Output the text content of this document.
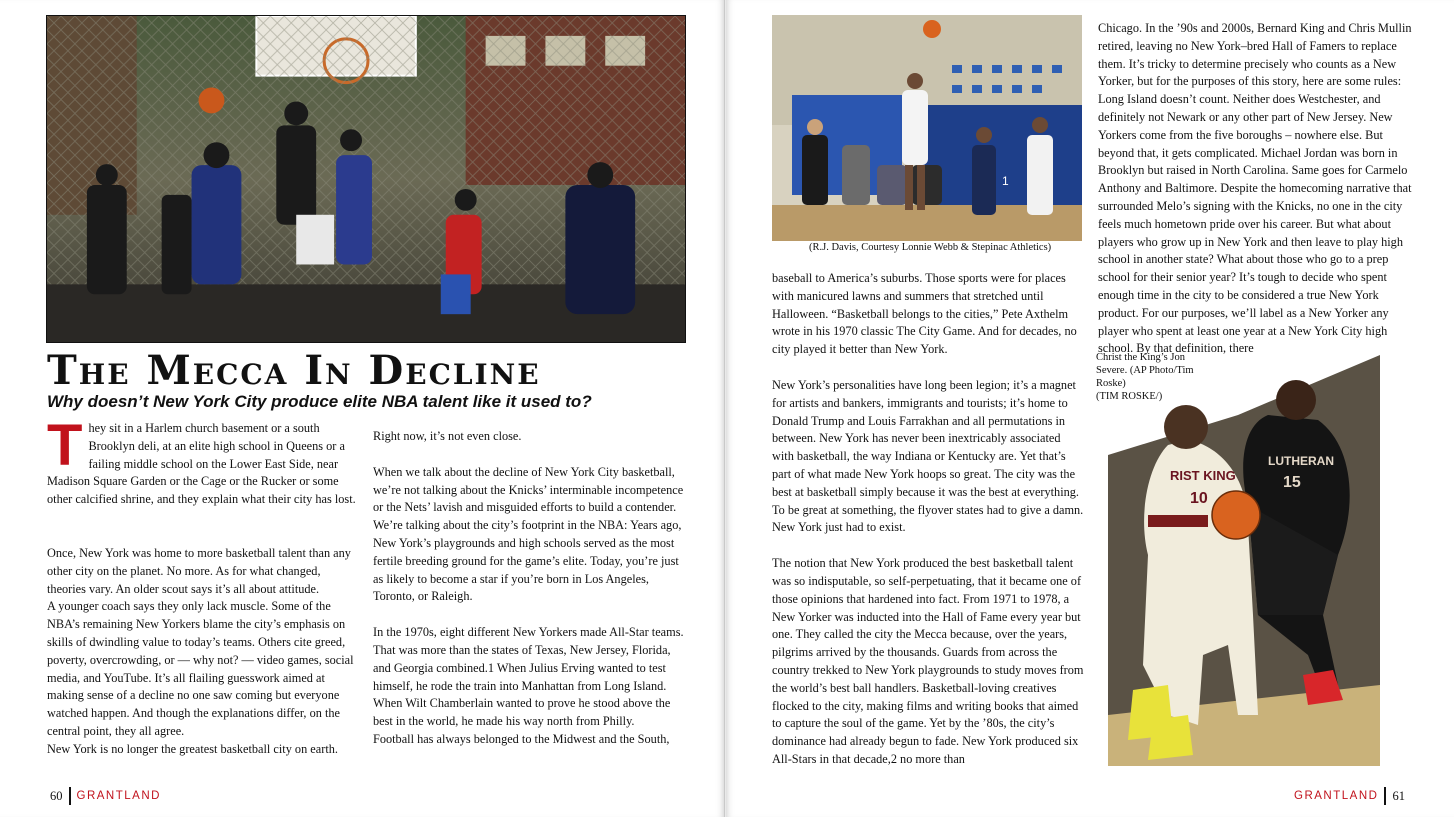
The Mecca In Decline
Why doesn’t New York City produce elite NBA talent like it used to?

They sit in a Harlem church basement or a south Brooklyn deli, at an elite high school in Queens or a failing middle school on the Lower East Side, near Madison Square Garden or the Cage or the Rucker or some other calcified shrine, and they explain what their city has lost.

Once, New York was home to more basketball talent than any other city on the planet. No more. As for what changed, theories vary. An older scout says it’s all about attitude.

A younger coach says they only lack muscle. Some of the NBA’s remaining New Yorkers blame the city’s emphasis on skills of dwindling value to today’s teams. Others cite greed, poverty, overcrowding, or — why not? — video games, social media, and YouTube. It’s all flailing guesswork aimed at making sense of a decline no one saw coming but everyone watched happen. And though the explanations differ, on the central point, they all agree.

New York is no longer the greatest basketball city on earth.

Right now, it’s not even close.

When we talk about the decline of New York City basketball, we’re not talking about the Knicks’ interminable incompetence or the Nets’ lavish and misguided efforts to build a contender. We’re talking about the city’s footprint in the NBA: Years ago, New York’s playgrounds and high schools served as the most fertile breeding ground for the game’s elite. Today, you’re just as likely to become a star if you’re born in Los Angeles, Toronto, or Raleigh.

In the 1970s, eight different New Yorkers made All-Star teams. That was more than the states of Texas, New Jersey, Florida, and Georgia combined.1 When Julius Erving wanted to test himself, he rode the train into Manhattan from Long Island. When Wilt Chamberlain wanted to prove he stood above the best in the world, he made his way north from Philly.

Football has always belonged to the Midwest and the South,

60 GRANTLAND
1
(R.J. Davis, Courtesy Lonnie Webb & Stepinac Athletics)

baseball to America’s suburbs. Those sports were for places with manicured lawns and summers that stretched until Halloween. “Basketball belongs to the cities,” Pete Axthelm wrote in his 1970 classic The City Game. And for decades, no city played it better than New York.

New York’s personalities have long been legion; it’s a magnet for artists and bankers, immigrants and tourists; it’s home to Donald Trump and Louis Farrakhan and all permutations in between. New York has never been inextricably associated with basketball, the way Indiana or Kentucky are. Yet that’s part of what made New York hoops so great. The city was the best at basketball simply because it was the best at everything. To be great at something, the flyover states had to give a damn. New York just had to exist.

The notion that New York produced the best basketball talent was so indisputable, so self-perpetuating, that it became one of those opinions that hardened into fact. From 1971 to 1978, a New Yorker was inducted into the Hall of Fame every year but one. They called the city the Mecca because, over the years, pilgrims arrived by the thousands. Guards from across the country trekked to New York playgrounds to study moves from the world’s best ball handlers. Basketball-loving creatives flocked to the city, making films and writing books that aimed to capture the soul of the game. Yet by the ’80s, the city’s dominance had already begun to fade. New York produced six All-Stars in that decade,2 no more than

Chicago. In the ’90s and 2000s, Bernard King and Chris Mullin retired, leaving no New York–bred Hall of Famers to replace them. It’s tricky to determine precisely who counts as a New Yorker, but for the purposes of this story, here are some rules: Long Island doesn’t count. Neither does Westchester, and definitely not Newark or any other part of New Jersey. New Yorkers come from the five boroughs – nowhere else. But beyond that, it gets complicated. Michael Jordan was born in Brooklyn but raised in North Carolina. Same goes for Carmelo Anthony and Baltimore. Despite the homecoming narrative that surrounded Melo’s signing with the Knicks, no one in the city feels much hometown pride over his career. But what about players who grow up in New York and then leave to play high school in another state? What about those who go to a prep school for their senior year? It’s tough to decide who spent enough time in the city to be considered a true New York product. For our purposes, we’ll label as a New Yorker any player who spent at least one year at a New York City high school. By that definition, there

Christ the King’s Jon Severe. (AP Photo/Tim Roske)
(TIM ROSKE/)
RIST KING
10
LUTHERAN
15
GRANTLAND 61
